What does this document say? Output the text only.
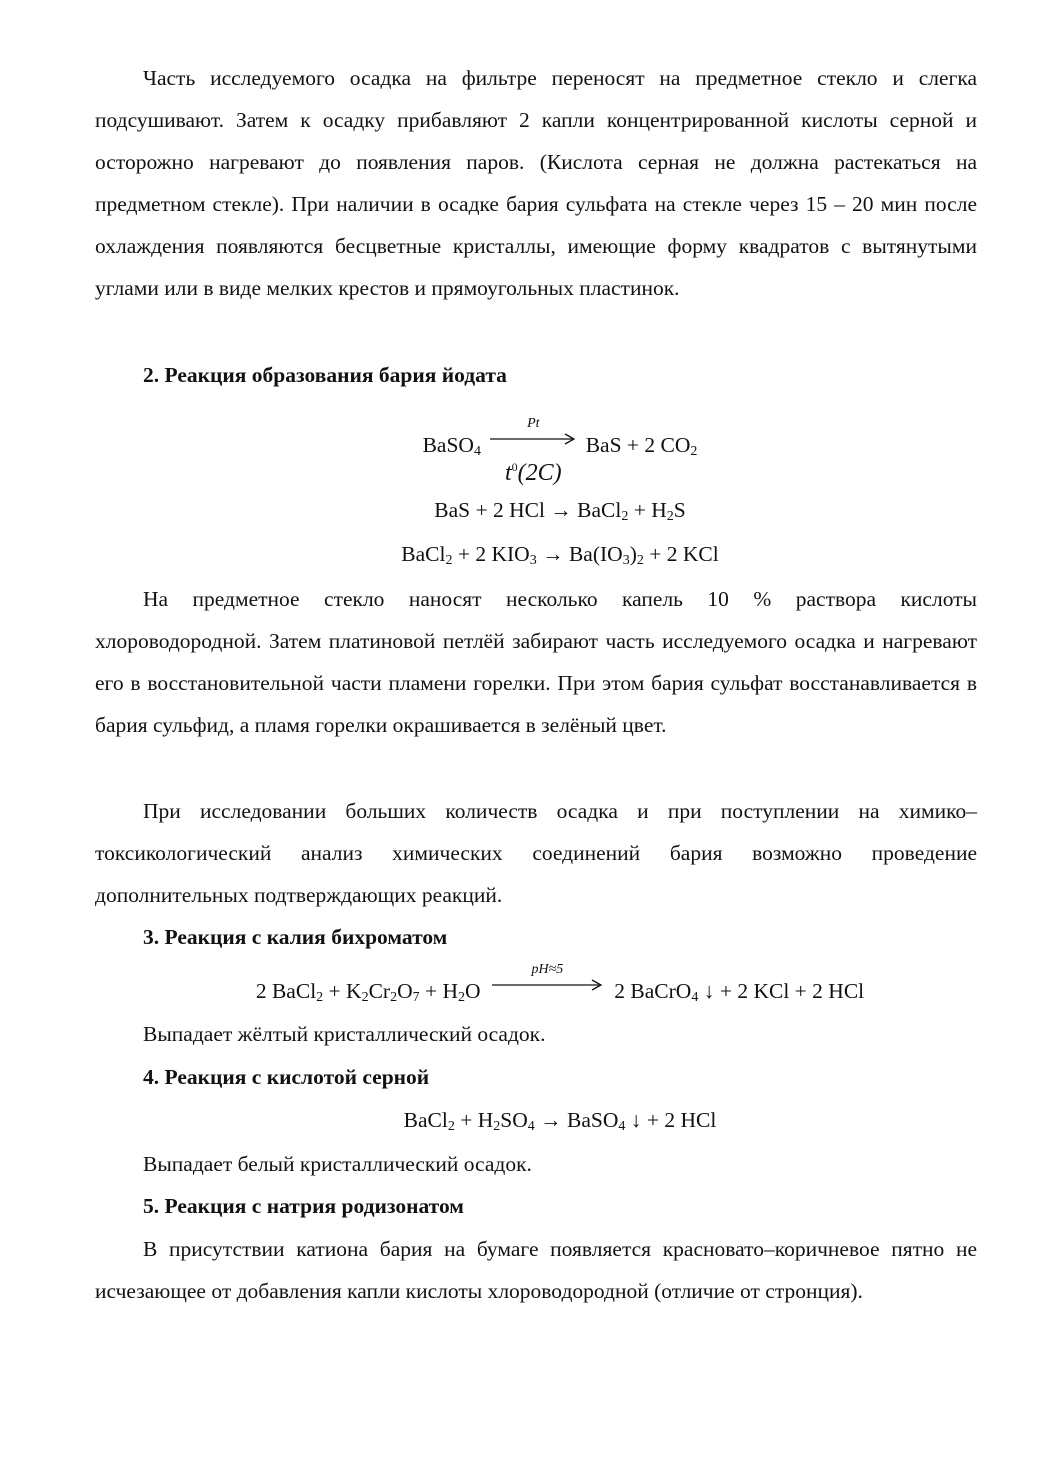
Часть исследуемого осадка на фильтре переносят на предметное стекло и слегка подсушивают. Затем к осадку прибавляют 2 капли концентрированной кислоты серной и осторожно нагревают до появления паров. (Кислота серная не должна растекаться на предметном стекле). При наличии в осадке бария сульфата на стекле через 15 – 20 мин после охлаждения появляются бесцветные кристаллы, имеющие форму квадратов с вытянутыми углами или в виде мелких крестов и прямоугольных пластинок.

2. Реакция образования бария йодата
BaSO$_4$
Pt
$t^0(2C)$
BaS + 2 $CO_2$
BaS + 2 HCl → BaCl$_2$ + $H_2S$
BaCl$_2$ + 2 $KIO_3 \to Ba(IO_3)_2 + 2$ KCl

На предметное стекло наносят несколько капель 10 % раствора кислоты хлороводородной. Затем платиновой петлёй забирают часть исследуемого осадка и нагревают его в восстановительной части пламени горелки. При этом бария сульфат восстанавливается в бария сульфид, а пламя горелки окрашивается в зелёный цвет.

При исследовании больших количеств осадка и при поступлении на химико–токсикологический анализ химических соединений бария возможно проведение дополнительных подтверждающих реакций.

3. Реакция с калия бихроматом
2 BaCl$_2$ + $K_2Cr_2O_7 + H_2O$
pH≈5
2 BaCrO$_4$ ↓ + 2 KCl + 2 HCl
Выпадает жёлтый кристаллический осадок.
4. Реакция с кислотой серной
BaCl$_2$ + $H_2SO_4$ → BaSO$_4$ ↓ + 2 HCl
Выпадает белый кристаллический осадок.
5. Реакция с натрия родизонатом

В присутствии катиона бария на бумаге появляется красновато–коричневое пятно не исчезающее от добавления капли кислоты хлороводородной (отличие от стронция).
